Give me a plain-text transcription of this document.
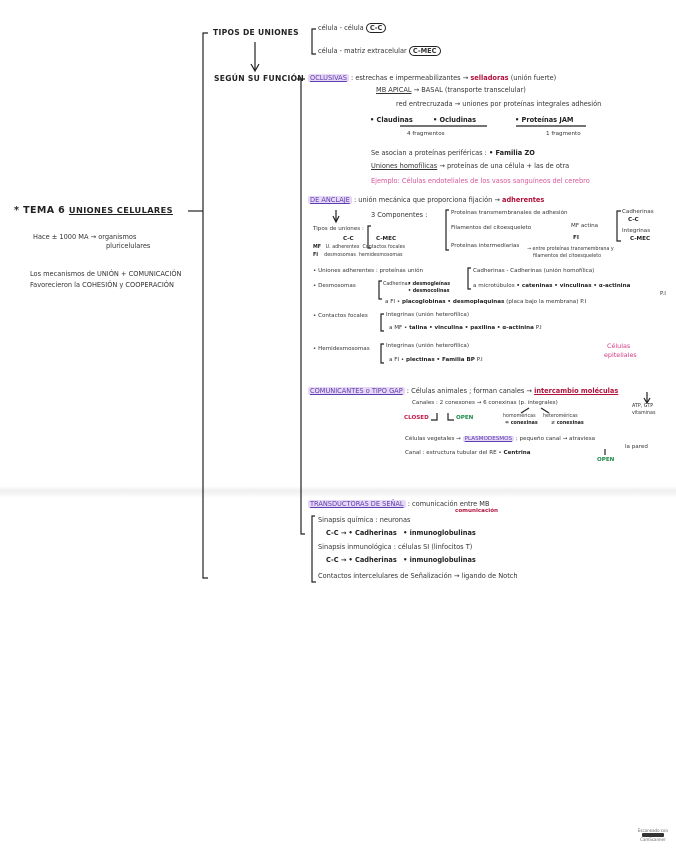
* TEMA 6 UNIONES CELULARES
Hace ± 1000 MA → organismos
pluricelulares
Los mecanismos de UNIÓN + COMUNICACIÓN
Favorecieron la COHESIÓN y COOPERACIÓN
TIPOS DE UNIONES	célula - célula C-C
célula - matriz extracelular C-MEC
SEGÚN SU FUNCIÓN OCLUSIVAS : estrechas e impermeabilizantes → selladoras (unión fuerte)
MB APICAL → BASAL (transporte transcelular)
red entrecruzada → uniones por proteínas integrales adhesión
• Claudinas	• Ocludinas	• Proteínas JAM
4 fragmentos	1 fragmento
Se asocian a proteínas periféricas : • Familia ZO
Uniones homofílicas → proteínas de una célula + las de otra
Ejemplo: Células endoteliales de los vasos sanguíneos del cerebro
DE ANCLAJE : unión mecánica que proporciona fijación → adherentes
3 Componentes :	Proteínas transmembranales de adhesión
Filamentos del citoesqueleto
Proteínas intermediarias
Cadherinas
C-C
Integrinas
C-MEC
MF actina
FI
→ entre proteínas transmembrana y
filamentos del citoesqueleto
Tipos de uniones :
C-C	C-MEC
MF U. adherentes Contactos focales
FI desmosomas hemidesmosomas
• Uniones adherentes : proteínas unión	Cadherinas - Cadherinas (unión homofílica)
a microtúbulos • cateninas • vinculinas • α-actinina
P.I
• Desmosomas	Cadherinas :
• desmogleínas
• desmocolinas
a FI • placoglobinas • desmoplaquinas (placa bajo la membrana) P.I
• Contactos focales	Integrinas (unión heterofílica)
a MF • talina • vinculina • paxilina • α-actinina P.I
• Hemidesmosomas	Integrinas (unión heterofílica)
a FI • plectinas • Familia BP P.I
Células
epiteliales
COMUNICANTES o TIPO GAP : Células animales ; forman canales → intercambio moléculas
ATP, GTP
vitaminas
Canales : 2 conexones → 6 conexinas (p. integrales)
CLOSED	OPEN	homoméricas
= conexinas
heteroméricas
≠ conexinas
Células vegetales → PLASMODESMOS ; pequeño canal → atraviesa
la pared
Canal : estructura tubular del RE • Centrina
OPEN
TRANSDUCTORAS DE SEÑAL : comunicación entre MB
comunicación
Sinapsis química : neuronas
C-C → • Cadherinas • inmunoglobulinas
Sinapsis inmunológica : células SI (linfocitos T)
C-C → • Cadherinas • inmunoglobulinas
Contactos intercelulares de Señalización → ligando de Notch
Escaneado con
CamScanner
